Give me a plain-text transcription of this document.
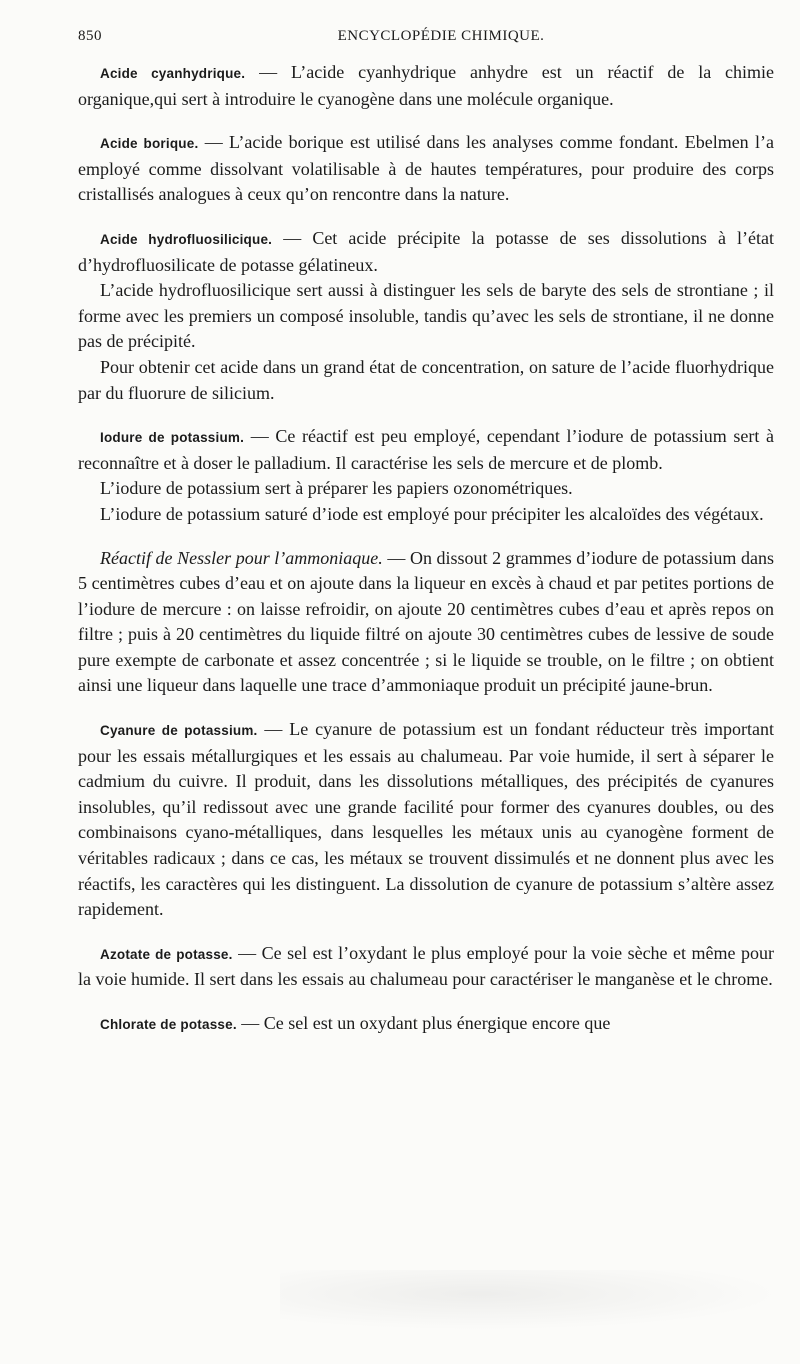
850	ENCYCLOPÉDIE CHIMIQUE.

Acide cyanhydrique. — L’acide cyanhydrique anhydre est un réactif de la chimie organique,qui sert à introduire le cyanogène dans une molécule organique.

Acide borique. — L’acide borique est utilisé dans les analyses comme fondant. Ebelmen l’a employé comme dissolvant volatilisable à de hautes températures, pour produire des corps cristallisés analogues à ceux qu’on rencontre dans la nature.

Acide hydrofluosilicique. — Cet acide précipite la potasse de ses dissolutions à l’état d’hydrofluosilicate de potasse gélatineux.

L’acide hydrofluosilicique sert aussi à distinguer les sels de baryte des sels de strontiane ; il forme avec les premiers un composé insoluble, tandis qu’avec les sels de strontiane, il ne donne pas de précipité.

Pour obtenir cet acide dans un grand état de concentration, on sature de l’acide fluorhydrique par du fluorure de silicium.

Iodure de potassium. — Ce réactif est peu employé, cependant l’iodure de potassium sert à reconnaître et à doser le palladium. Il caractérise les sels de mercure et de plomb.

L’iodure de potassium sert à préparer les papiers ozonométriques.

L’iodure de potassium saturé d’iode est employé pour précipiter les alcaloïdes des végétaux.

Réactif de Nessler pour l’ammoniaque. — On dissout 2 grammes d’iodure de potassium dans 5 centimètres cubes d’eau et on ajoute dans la liqueur en excès à chaud et par petites portions de l’iodure de mercure : on laisse refroidir, on ajoute 20 centimètres cubes d’eau et après repos on filtre ; puis à 20 centimètres du liquide filtré on ajoute 30 centimètres cubes de lessive de soude pure exempte de carbonate et assez concentrée ; si le liquide se trouble, on le filtre ; on obtient ainsi une liqueur dans laquelle une trace d’ammoniaque produit un précipité jaune-brun.

Cyanure de potassium. — Le cyanure de potassium est un fondant réducteur très important pour les essais métallurgiques et les essais au chalumeau. Par voie humide, il sert à séparer le cadmium du cuivre. Il produit, dans les dissolutions métalliques, des précipités de cyanures insolubles, qu’il redissout avec une grande facilité pour former des cyanures doubles, ou des combinaisons cyano-métalliques, dans lesquelles les métaux unis au cyanogène forment de véritables radicaux ; dans ce cas, les métaux se trouvent dissimulés et ne donnent plus avec les réactifs, les caractères qui les distinguent. La dissolution de cyanure de potassium s’altère assez rapidement.

Azotate de potasse. — Ce sel est l’oxydant le plus employé pour la voie sèche et même pour la voie humide. Il sert dans les essais au chalumeau pour caractériser le manganèse et le chrome.

Chlorate de potasse. — Ce sel est un oxydant plus énergique encore que
